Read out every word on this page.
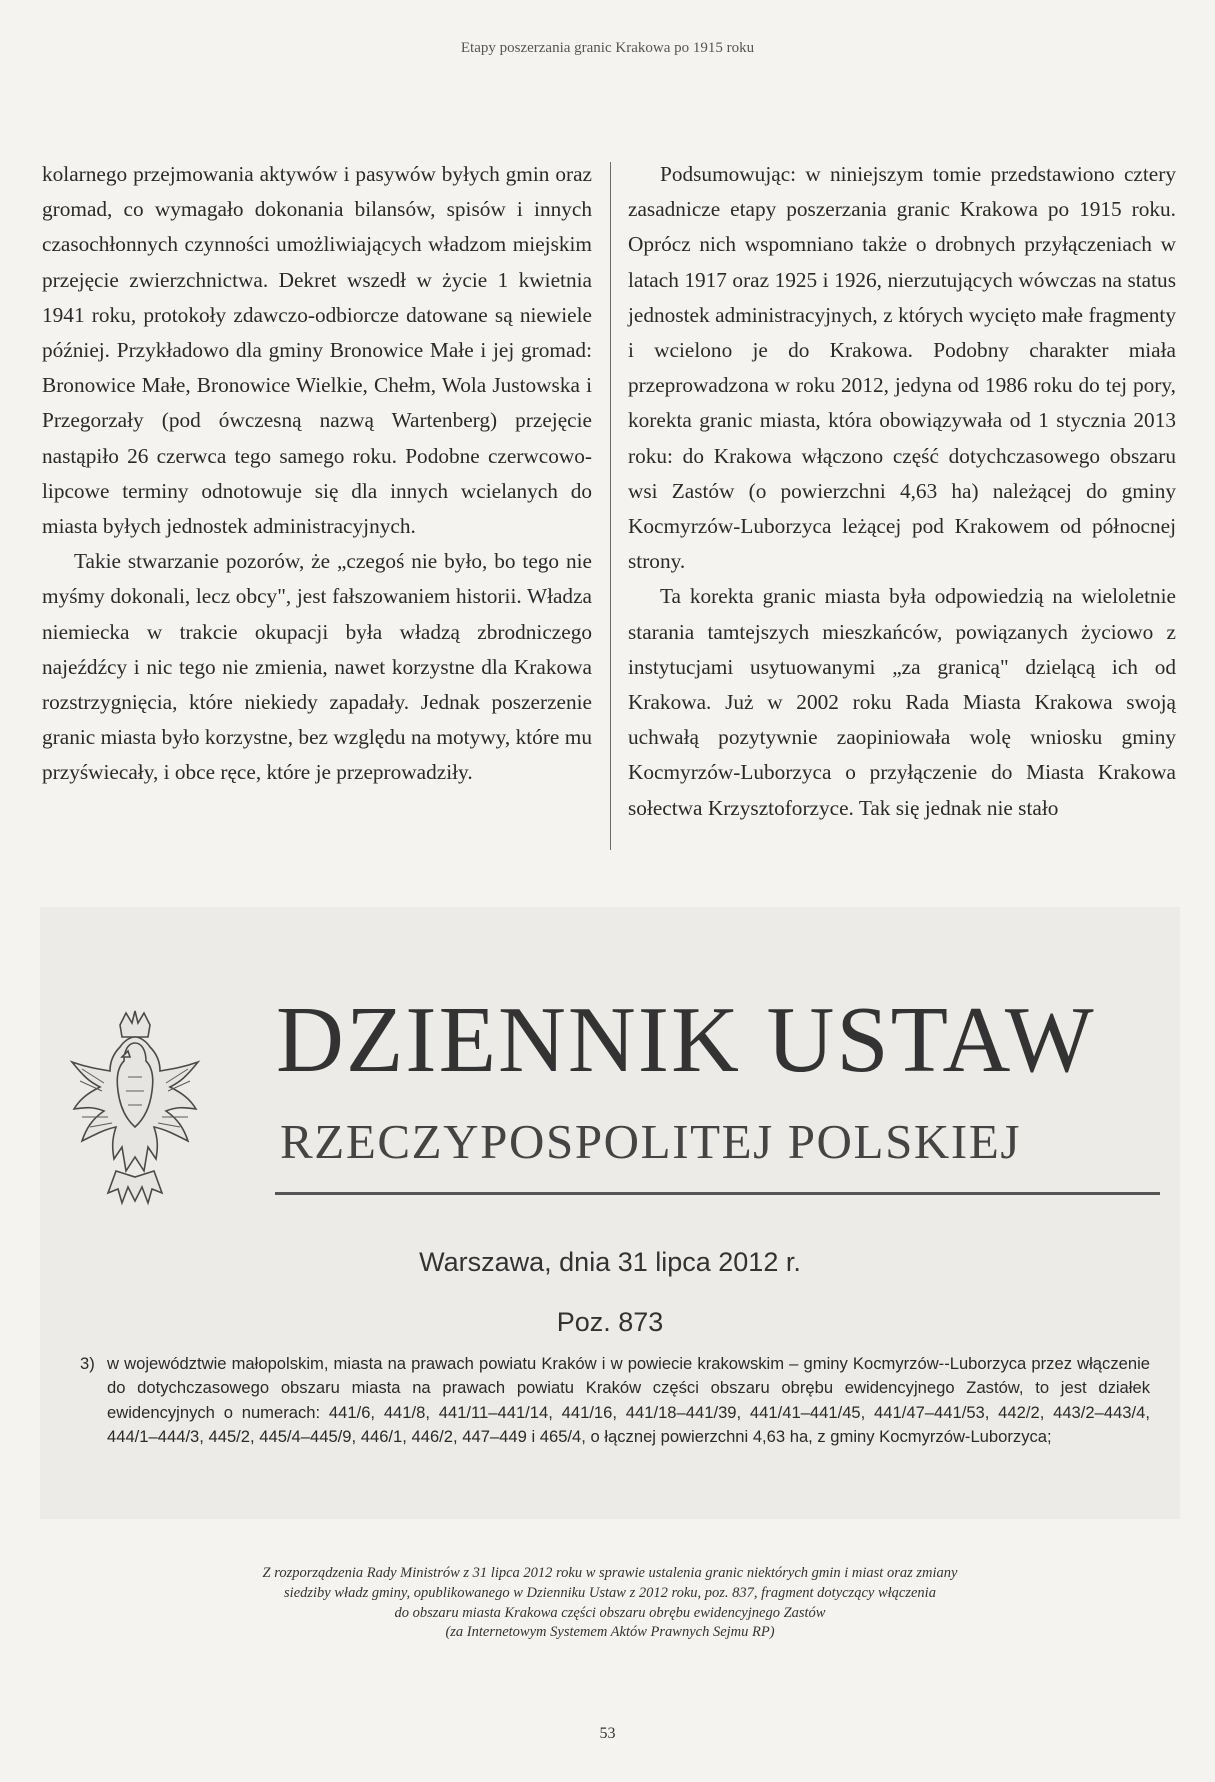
Etapy poszerzania granic Krakowa po 1915 roku

kolarnego przejmowania aktywów i pasywów byłych gmin oraz gromad, co wymagało dokonania bilansów, spisów i innych czasochłonnych czynności umożliwiających władzom miejskim przejęcie zwierzchnictwa. Dekret wszedł w życie 1 kwietnia 1941 roku, protokoły zdawczo-odbiorcze datowane są niewiele później. Przykładowo dla gminy Bronowice Małe i jej gromad: Bronowice Małe, Bronowice Wielkie, Chełm, Wola Justowska i Przegorzały (pod ówczesną nazwą Wartenberg) przejęcie nastąpiło 26 czerwca tego samego roku. Podobne czerwcowo-lipcowe terminy odnotowuje się dla innych wcielanych do miasta byłych jednostek administracyjnych.

Takie stwarzanie pozorów, że „czegoś nie było, bo tego nie myśmy dokonali, lecz obcy", jest fałszowaniem historii. Władza niemiecka w trakcie okupacji była władzą zbrodniczego najeźdźcy i nic tego nie zmienia, nawet korzystne dla Krakowa rozstrzygnięcia, które niekiedy zapadały. Jednak poszerzenie granic miasta było korzystne, bez względu na motywy, które mu przyświecały, i obce ręce, które je przeprowadziły.

Podsumowując: w niniejszym tomie przedstawiono cztery zasadnicze etapy poszerzania granic Krakowa po 1915 roku. Oprócz nich wspomniano także o drobnych przyłączeniach w latach 1917 oraz 1925 i 1926, nierzutujących wówczas na status jednostek administracyjnych, z których wycięto małe fragmenty i wcielono je do Krakowa. Podobny charakter miała przeprowadzona w roku 2012, jedyna od 1986 roku do tej pory, korekta granic miasta, która obowiązywała od 1 stycznia 2013 roku: do Krakowa włączono część dotychczasowego obszaru wsi Zastów (o powierzchni 4,63 ha) należącej do gminy Kocmyrzów-Luborzyca leżącej pod Krakowem od północnej strony.

Ta korekta granic miasta była odpowiedzią na wieloletnie starania tamtejszych mieszkańców, powiązanych życiowo z instytucjami usytuowanymi „za granicą" dzielącą ich od Krakowa. Już w 2002 roku Rada Miasta Krakowa swoją uchwałą pozytywnie zaopiniowała wolę wniosku gminy Kocmyrzów-Luborzyca o przyłączenie do Miasta Krakowa sołectwa Krzysztoforzyce. Tak się jednak nie stało

DZIENNIK USTAW
RZECZYPOSPOLITEJ POLSKIEJ
Warszawa, dnia 31 lipca 2012 r.
Poz. 873
3) w województwie małopolskim, miasta na prawach powiatu Kraków i w powiecie krakowskim – gminy Kocmyrzów--Luborzyca przez włączenie do dotychczasowego obszaru miasta na prawach powiatu Kraków części obszaru obrębu ewidencyjnego Zastów, to jest działek ewidencyjnych o numerach: 441/6, 441/8, 441/11–441/14, 441/16, 441/18–441/39, 441/41–441/45, 441/47–441/53, 442/2, 443/2–443/4, 444/1–444/3, 445/2, 445/4–445/9, 446/1, 446/2, 447–449 i 465/4, o łącznej powierzchni 4,63 ha, z gminy Kocmyrzów-Luborzyca;

Z rozporządzenia Rady Ministrów z 31 lipca 2012 roku w sprawie ustalenia granic niektórych gmin i miast oraz zmiany

siedziby władz gminy, opublikowanego w Dzienniku Ustaw z 2012 roku, poz. 837, fragment dotyczący włączenia

do obszaru miasta Krakowa części obszaru obrębu ewidencyjnego Zastów

(za Internetowym Systemem Aktów Prawnych Sejmu RP)

53
